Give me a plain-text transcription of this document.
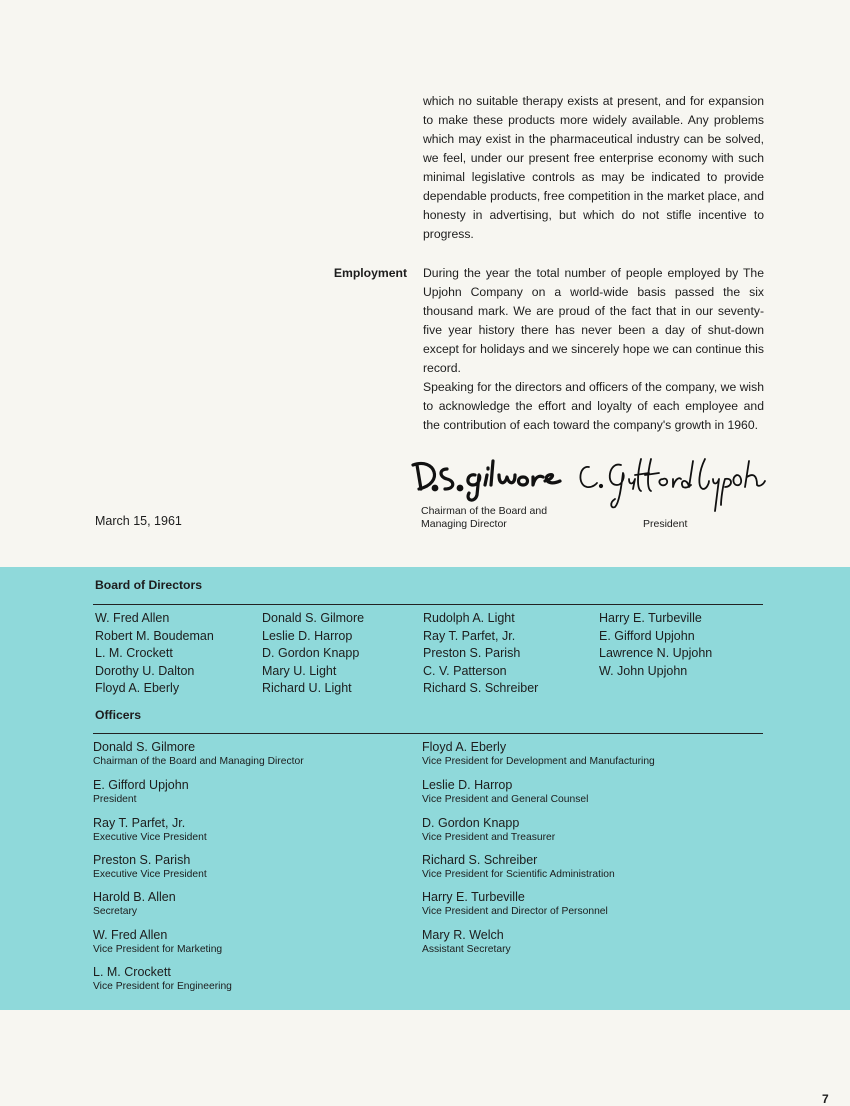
which no suitable therapy exists at present, and for expansion to make these products more widely available. Any problems which may exist in the pharmaceutical industry can be solved, we feel, under our present free enterprise economy with such minimal legislative controls as may be indicated to provide dependable products, free competition in the market place, and honesty in advertising, but which do not stifle incentive to progress.

Employment During the year the total number of people employed by The Upjohn Company on a world-wide basis passed the six thousand mark. We are proud of the fact that in our seventy-five year history there has never been a day of shut-down except for holidays and we sincerely hope we can continue this record.

Speaking for the directors and officers of the company, we wish to acknowledge the effort and loyalty of each employee and the contribution of each toward the company's growth in 1960.

Chairman of the Board and
Managing Director	President
March 15, 1961
Board of Directors
W. Fred Allen
Robert M. Boudeman
L. M. Crockett
Dorothy U. Dalton
Floyd A. Eberly
Donald S. Gilmore
Leslie D. Harrop
D. Gordon Knapp
Mary U. Light
Richard U. Light
Rudolph A. Light
Ray T. Parfet, Jr.
Preston S. Parish
C. V. Patterson
Richard S. Schreiber
Harry E. Turbeville
E. Gifford Upjohn
Lawrence N. Upjohn
W. John Upjohn
Officers
Donald S. Gilmore
Chairman of the Board and Managing Director
E. Gifford Upjohn
President
Ray T. Parfet, Jr.
Executive Vice President
Preston S. Parish
Executive Vice President
Harold B. Allen
Secretary
W. Fred Allen
Vice President for Marketing
L. M. Crockett
Vice President for Engineering
Floyd A. Eberly
Vice President for Development and Manufacturing
Leslie D. Harrop
Vice President and General Counsel
D. Gordon Knapp
Vice President and Treasurer
Richard S. Schreiber
Vice President for Scientific Administration
Harry E. Turbeville
Vice President and Director of Personnel
Mary R. Welch
Assistant Secretary
7
